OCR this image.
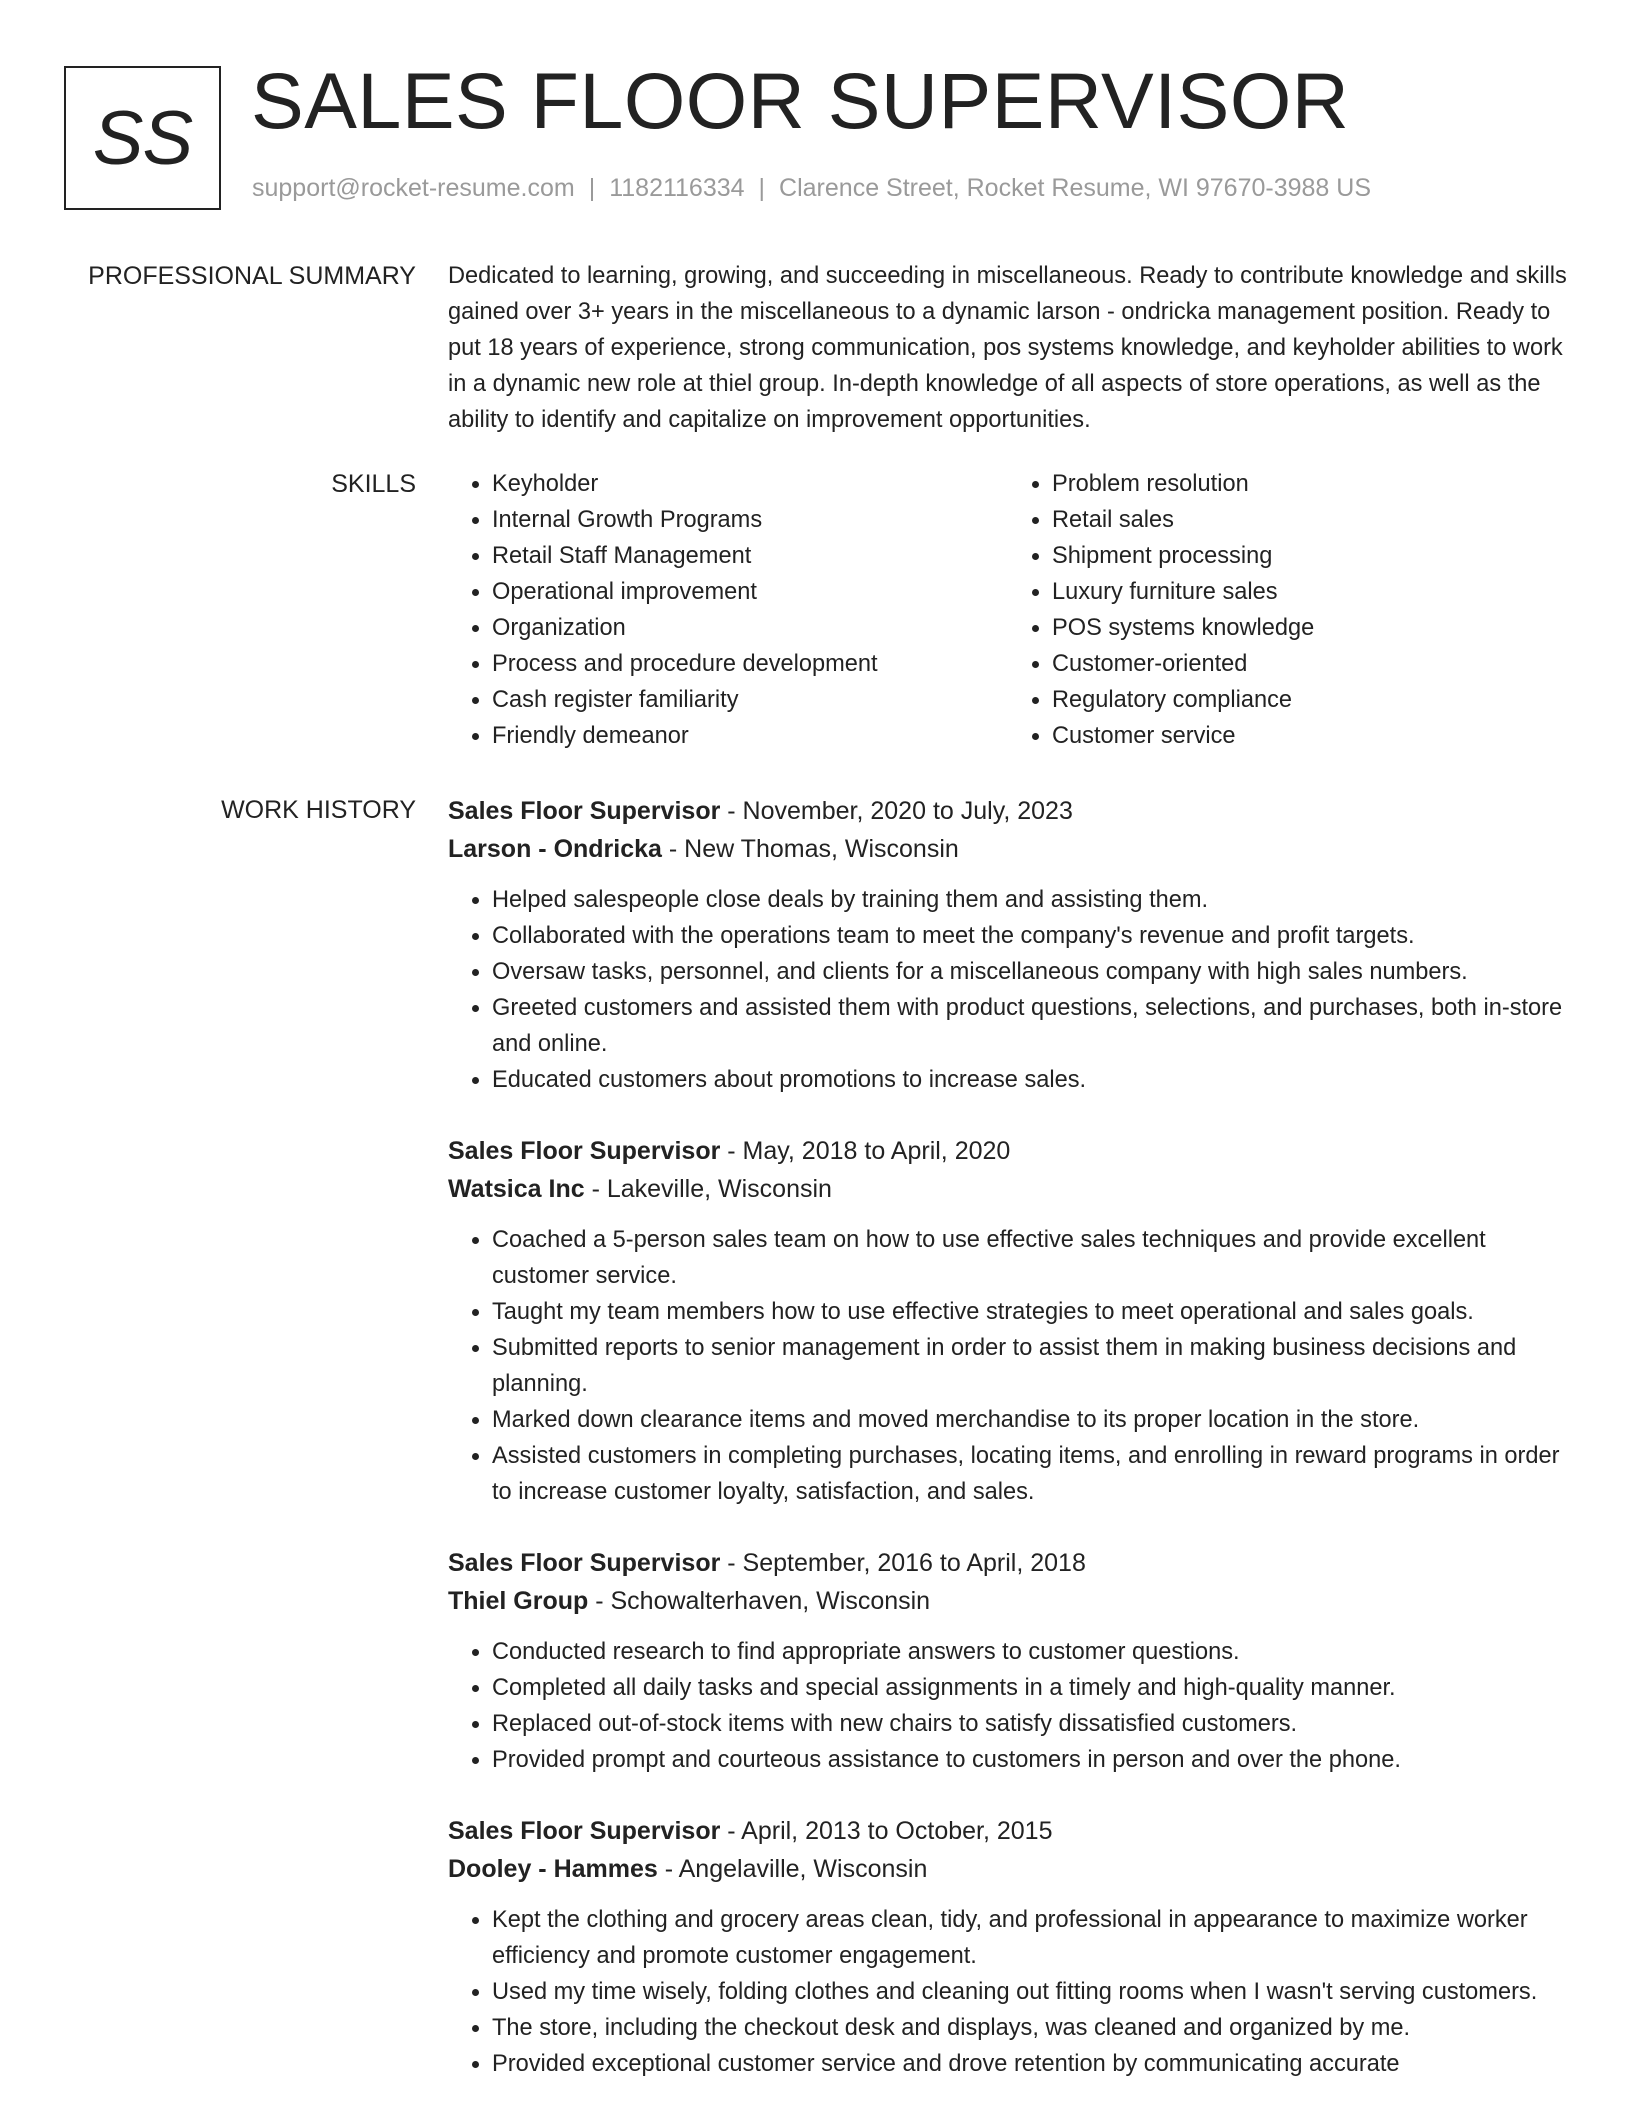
SS SALES FLOOR SUPERVISOR
support@rocket-resume.com | 1182116334 | Clarence Street, Rocket Resume, WI 97670-3988 US
PROFESSIONAL SUMMARY Dedicated to learning, growing, and succeeding in miscellaneous. Ready to contribute knowledge and skills gained over 3+ years in the miscellaneous to a dynamic larson - ondricka management position. Ready to put 18 years of experience, strong communication, pos systems knowledge, and keyholder abilities to work in a dynamic new role at thiel group. In-depth knowledge of all aspects of store operations, as well as the ability to identify and capitalize on improvement opportunities.

SKILLS
•	Keyholder
• Internal Growth Programs
• Retail Staff Management
• Operational improvement
• Organization
• Process and procedure development
• Cash register familiarity
• Friendly demeanor
• Problem resolution
• Retail sales
• Shipment processing
• Luxury furniture sales
• POS systems knowledge
• Customer-oriented
• Regulatory compliance
• Customer service
WORK HISTORY Sales Floor Supervisor - November, 2020 to July, 2023
Larson - Ondricka - New Thomas, Wisconsin
• Helped salespeople close deals by training them and assisting them.
• Collaborated with the operations team to meet the company's revenue and profit targets.
• Oversaw tasks, personnel, and clients for a miscellaneous company with high sales numbers.
• Greeted customers and assisted them with product questions, selections, and purchases, both in-store and online.
• Educated customers about promotions to increase sales.
Sales Floor Supervisor - May, 2018 to April, 2020
Watsica Inc - Lakeville, Wisconsin
• Coached a 5-person sales team on how to use effective sales techniques and provide excellent customer service.
• Taught my team members how to use effective strategies to meet operational and sales goals.
• Submitted reports to senior management in order to assist them in making business decisions and planning.
• Marked down clearance items and moved merchandise to its proper location in the store.
• Assisted customers in completing purchases, locating items, and enrolling in reward programs in order to increase customer loyalty, satisfaction, and sales.
Sales Floor Supervisor - September, 2016 to April, 2018
Thiel Group - Schowalterhaven, Wisconsin
• Conducted research to find appropriate answers to customer questions.
• Completed all daily tasks and special assignments in a timely and high-quality manner.
• Replaced out-of-stock items with new chairs to satisfy dissatisfied customers.
• Provided prompt and courteous assistance to customers in person and over the phone.
Sales Floor Supervisor - April, 2013 to October, 2015
Dooley - Hammes - Angelaville, Wisconsin
• Kept the clothing and grocery areas clean, tidy, and professional in appearance to maximize worker efficiency and promote customer engagement.
• Used my time wisely, folding clothes and cleaning out fitting rooms when I wasn't serving customers.
• The store, including the checkout desk and displays, was cleaned and organized by me.
• Provided exceptional customer service and drove retention by communicating accurate
